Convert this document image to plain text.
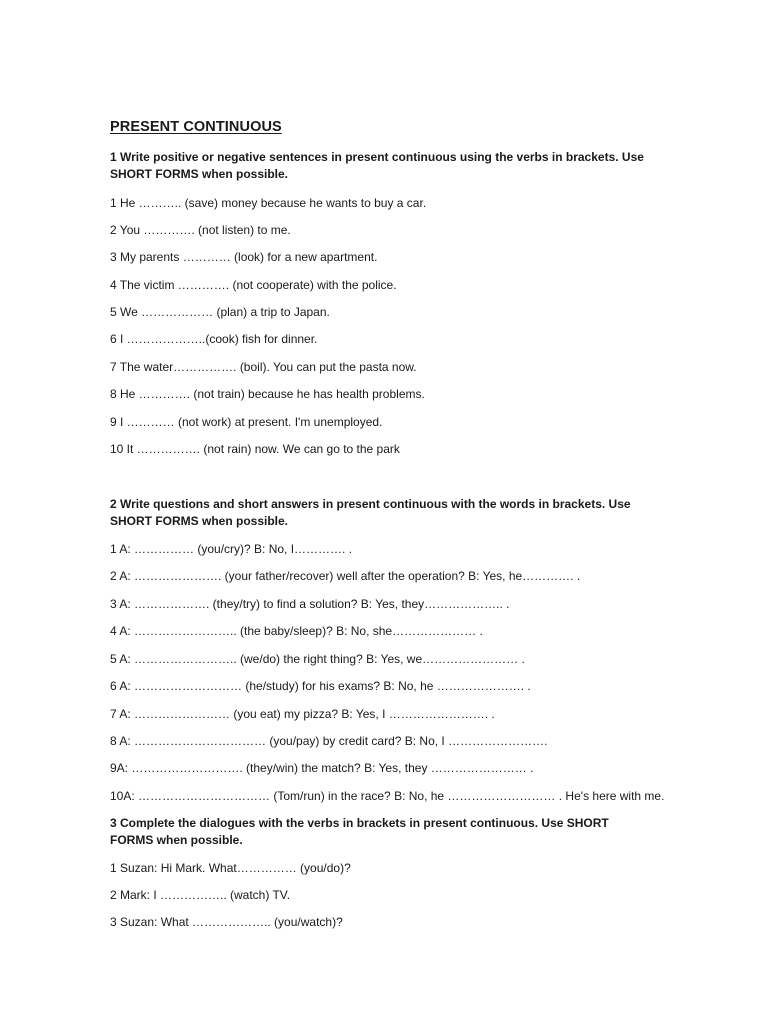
PRESENT CONTINUOUS
1 Write positive or negative sentences in present continuous using the verbs in brackets. Use
SHORT FORMS when possible.
1 He ……….. (save) money because he wants to buy a car.
2 You …………. (not listen) to me.
3 My parents ………… (look) for a new apartment.
4 The victim …………. (not cooperate) with the police.
5 We ……………… (plan) a trip to Japan.
6 I ………………..(cook) fish for dinner.
7 The water……………. (boil). You can put the pasta now.
8 He …………. (not train) because he has health problems.
9 I ………… (not work) at present. I'm unemployed.
10 It ……………. (not rain) now. We can go to the park
2 Write questions and short answers in present continuous with the words in brackets. Use
SHORT FORMS when possible.
1 A: …………… (you/cry)? B: No, I…………. .
2 A: …………………. (your father/recover) well after the operation? B: Yes, he…………. .
3 A: ………………. (they/try) to find a solution? B: Yes, they……………….. .
4 A: …………………….. (the baby/sleep)? B: No, she………………… .
5 A: …………………….. (we/do) the right thing? B: Yes, we…………………… .
6 A: ……………………… (he/study) for his exams? B: No, he …………………. .
7 A: …………………… (you eat) my pizza? B: Yes, I ……………………. .
8 A: …………………………… (you/pay) by credit card? B: No, I …………………….
9A: ………………………. (they/win) the match? B: Yes, they …………………… .
10A: …………………………… (Tom/run) in the race? B: No, he ……………………… . He's here with me.
3 Complete the dialogues with the verbs in brackets in present continuous. Use SHORT
FORMS when possible.
1 Suzan: Hi Mark. What…………… (you/do)?
2 Mark: I …………….. (watch) TV.
3 Suzan: What ……………….. (you/watch)?
